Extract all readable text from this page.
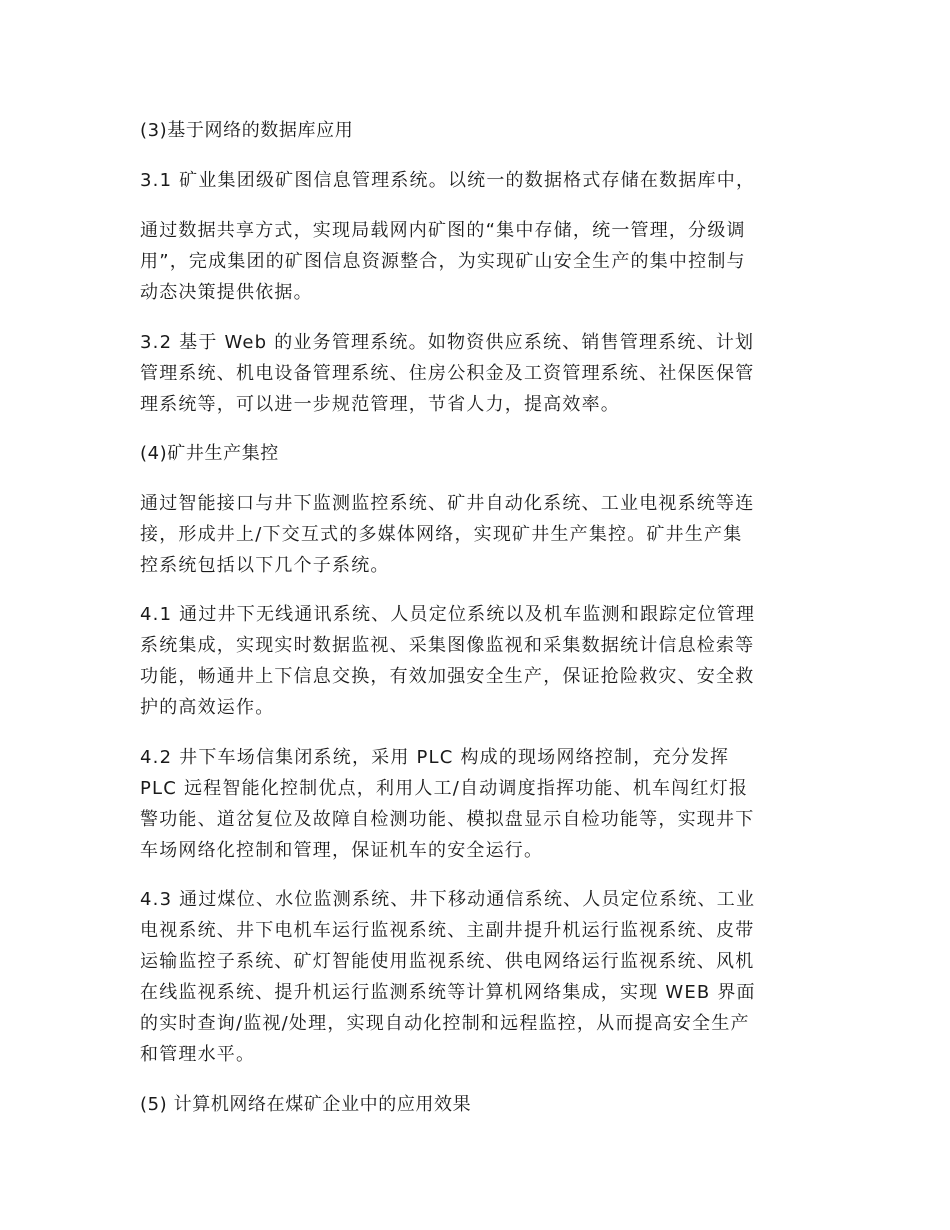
(3)基于网络的数据库应用
3.1 矿业集团级矿图信息管理系统。以统一的数据格式存储在数据库中，
通过数据共享方式，实现局载网内矿图的“集中存储，统一管理，分级调
用”，完成集团的矿图信息资源整合，为实现矿山安全生产的集中控制与
动态决策提供依据。
3.2 基于 Web 的业务管理系统。如物资供应系统、销售管理系统、计划
管理系统、机电设备管理系统、住房公积金及工资管理系统、社保医保管
理系统等，可以进一步规范管理，节省人力，提高效率。
(4)矿井生产集控
通过智能接口与井下监测监控系统、矿井自动化系统、工业电视系统等连
接，形成井上/下交互式的多媒体网络，实现矿井生产集控。矿井生产集
控系统包括以下几个子系统。
4.1 通过井下无线通讯系统、人员定位系统以及机车监测和跟踪定位管理
系统集成，实现实时数据监视、采集图像监视和采集数据统计信息检索等
功能，畅通井上下信息交换，有效加强安全生产，保证抢险救灾、安全救
护的高效运作。
4.2 井下车场信集闭系统，采用 PLC 构成的现场网络控制，充分发挥
PLC 远程智能化控制优点，利用人工/自动调度指挥功能、机车闯红灯报
警功能、道岔复位及故障自检测功能、模拟盘显示自检功能等，实现井下
车场网络化控制和管理，保证机车的安全运行。
4.3 通过煤位、水位监测系统、井下移动通信系统、人员定位系统、工业
电视系统、井下电机车运行监视系统、主副井提升机运行监视系统、皮带
运输监控子系统、矿灯智能使用监视系统、供电网络运行监视系统、风机
在线监视系统、提升机运行监测系统等计算机网络集成，实现 WEB 界面
的实时查询/监视/处理，实现自动化控制和远程监控，从而提高安全生产
和管理水平。
(5) 计算机网络在煤矿企业中的应用效果
